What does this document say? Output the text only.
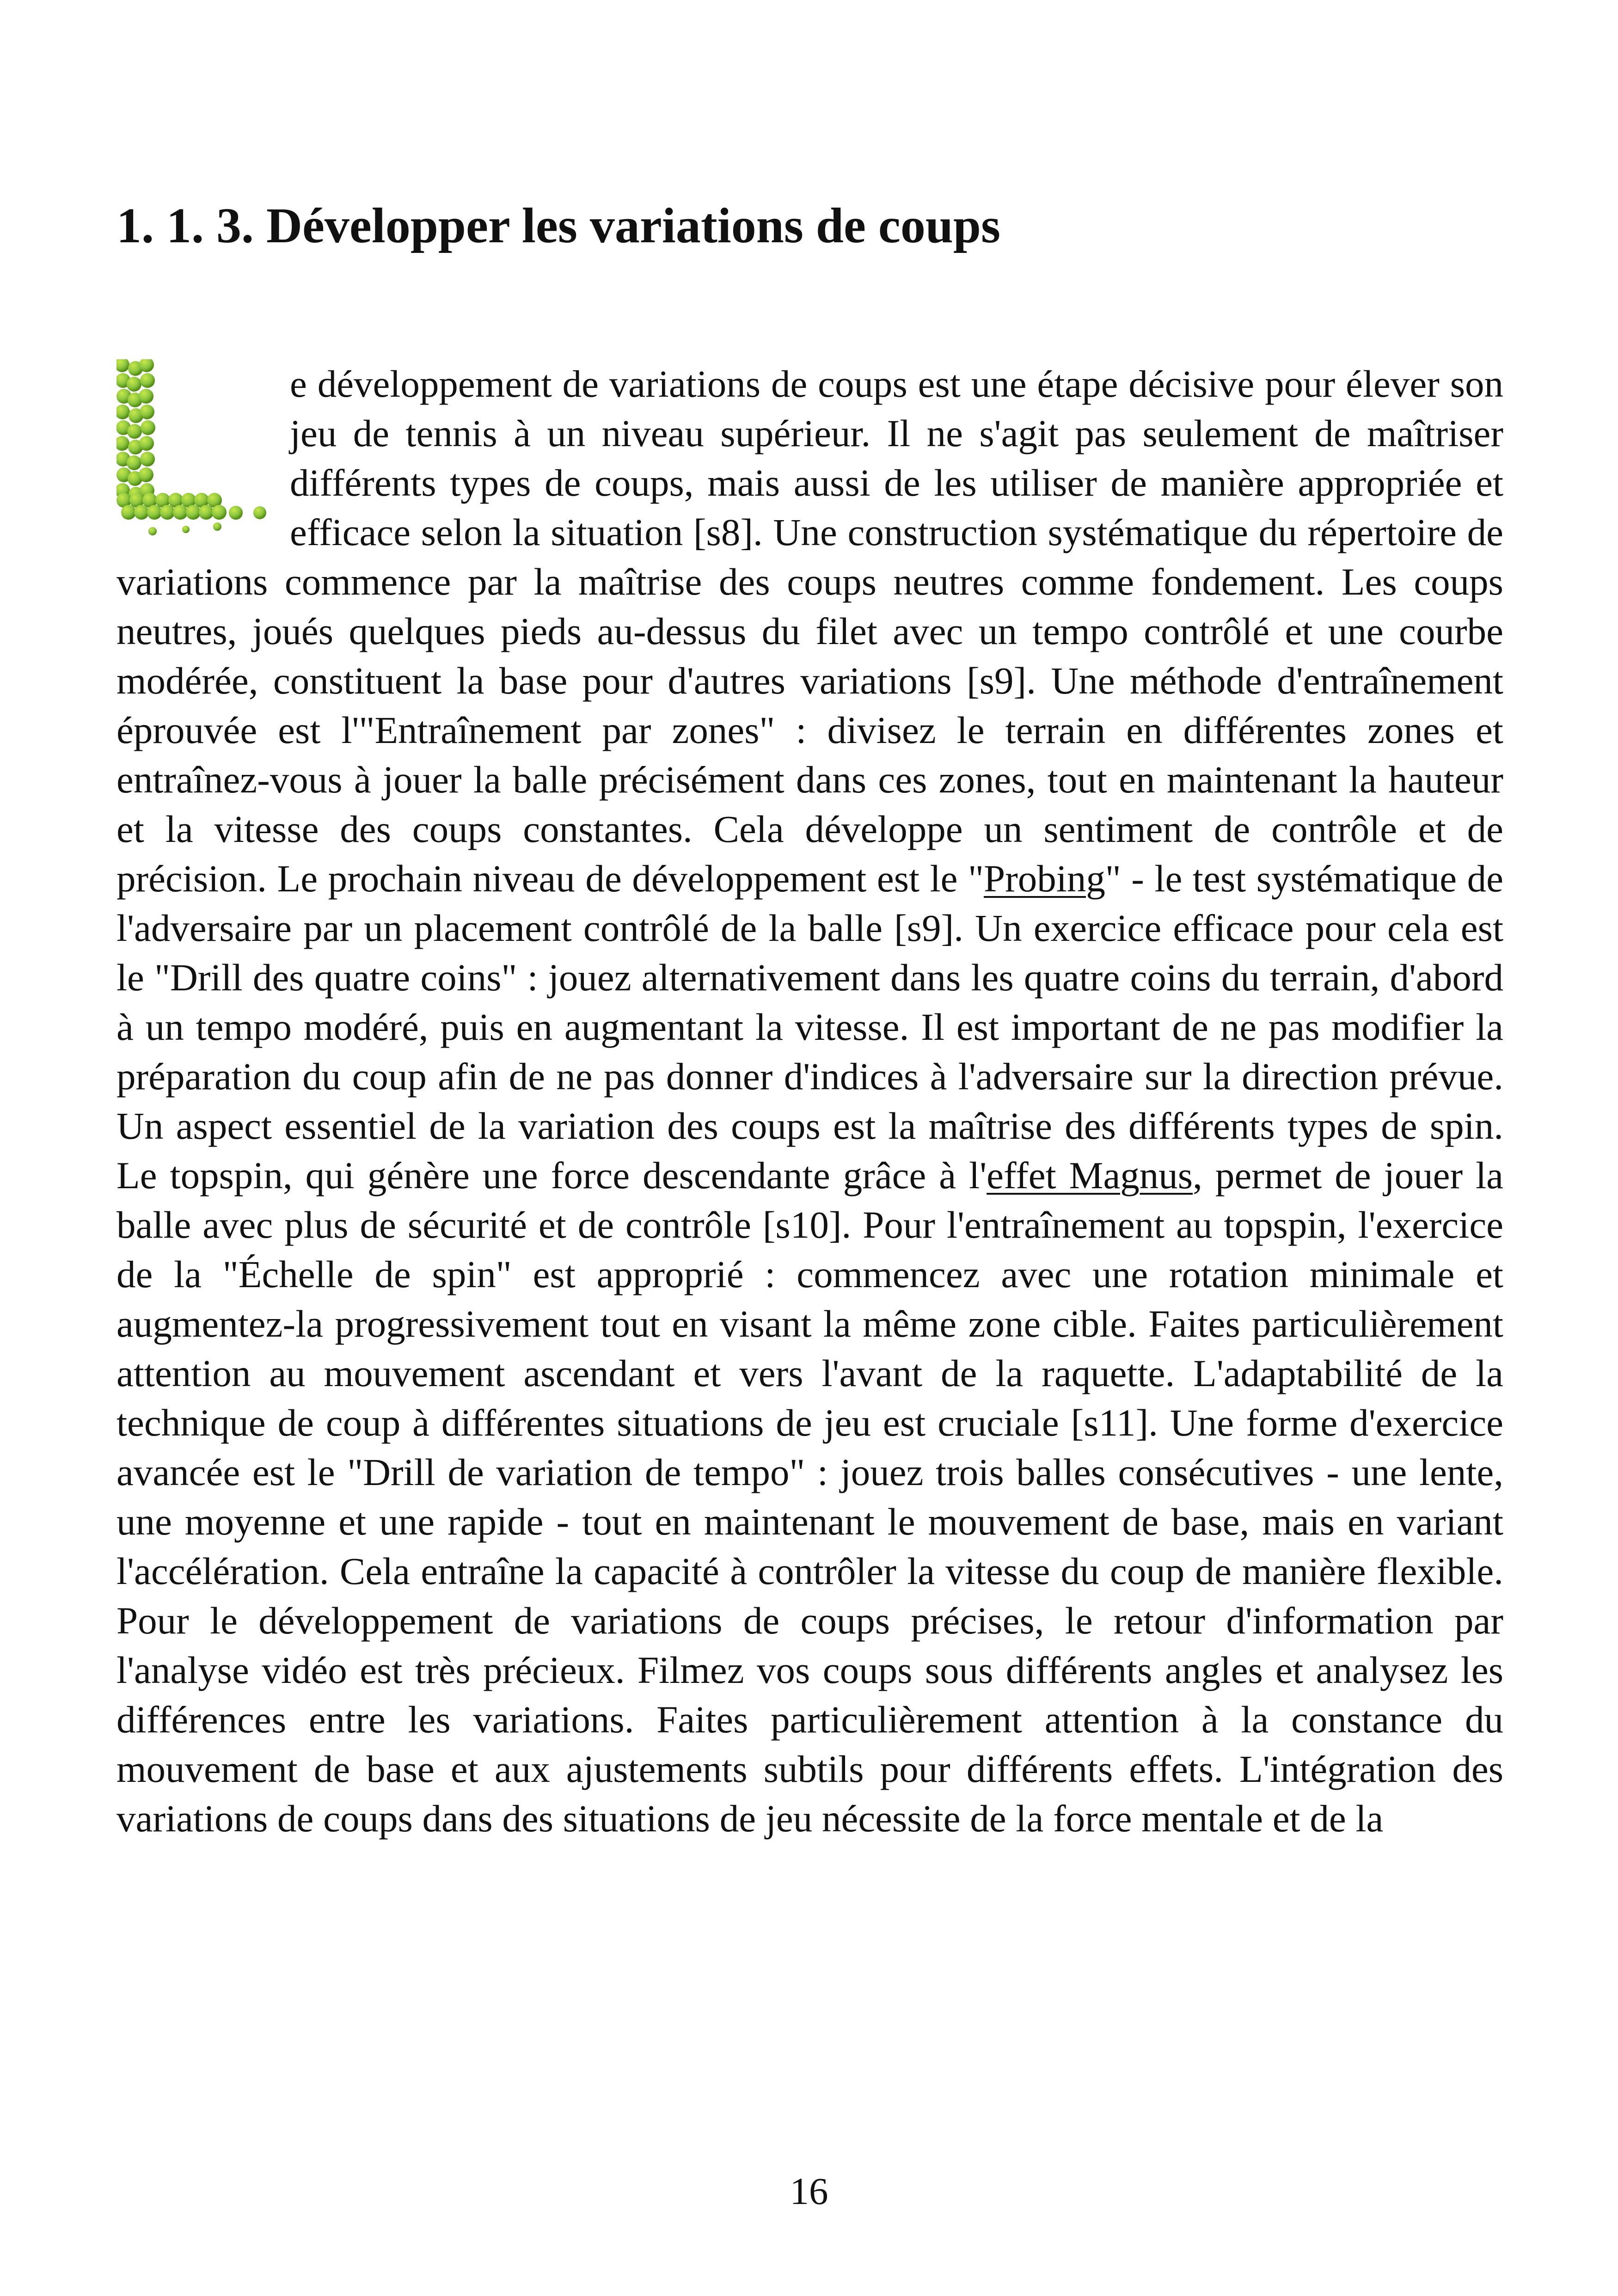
1. 1. 3. Développer les variations de coups

e développement de variations de coups est une étape décisive pour élever son jeu de tennis à un niveau supérieur. Il ne s'agit pas seulement de maîtriser différents types de coups, mais aussi de les utiliser de manière appropriée et efficace selon la situation [s8]. Une construction systématique du répertoire de variations commence par la maîtrise des coups neutres comme fondement. Les coups neutres, joués quelques pieds au-dessus du filet avec un tempo contrôlé et une courbe modérée, constituent la base pour d'autres variations [s9]. Une méthode d'entraînement éprouvée est l'"Entraînement par zones" : divisez le terrain en différentes zones et entraînez-vous à jouer la balle précisément dans ces zones, tout en maintenant la hauteur et la vitesse des coups constantes. Cela développe un sentiment de contrôle et de précision. Le prochain niveau de développement est le "Probing" - le test systématique de l'adversaire par un placement contrôlé de la balle [s9]. Un exercice efficace pour cela est le "Drill des quatre coins" : jouez alternativement dans les quatre coins du terrain, d'abord à un tempo modéré, puis en augmentant la vitesse. Il est important de ne pas modifier la préparation du coup afin de ne pas donner d'indices à l'adversaire sur la direction prévue. Un aspect essentiel de la variation des coups est la maîtrise des différents types de spin. Le topspin, qui génère une force descendante grâce à l'effet Magnus, permet de jouer la balle avec plus de sécurité et de contrôle [s10]. Pour l'entraînement au topspin, l'exercice de la "Échelle de spin" est approprié : commencez avec une rotation minimale et augmentez-la progressivement tout en visant la même zone cible. Faites particulièrement attention au mouvement ascendant et vers l'avant de la raquette. L'adaptabilité de la technique de coup à différentes situations de jeu est cruciale [s11]. Une forme d'exercice avancée est le "Drill de variation de tempo" : jouez trois balles consécutives - une lente, une moyenne et une rapide - tout en maintenant le mouvement de base, mais en variant l'accélération. Cela entraîne la capacité à contrôler la vitesse du coup de manière flexible. Pour le développement de variations de coups précises, le retour d'information par l'analyse vidéo est très précieux. Filmez vos coups sous différents angles et analysez les différences entre les variations. Faites particulièrement attention à la constance du mouvement de base et aux ajustements subtils pour différents effets. L'intégration des variations de coups dans des situations de jeu nécessite de la force mentale et de la

16
